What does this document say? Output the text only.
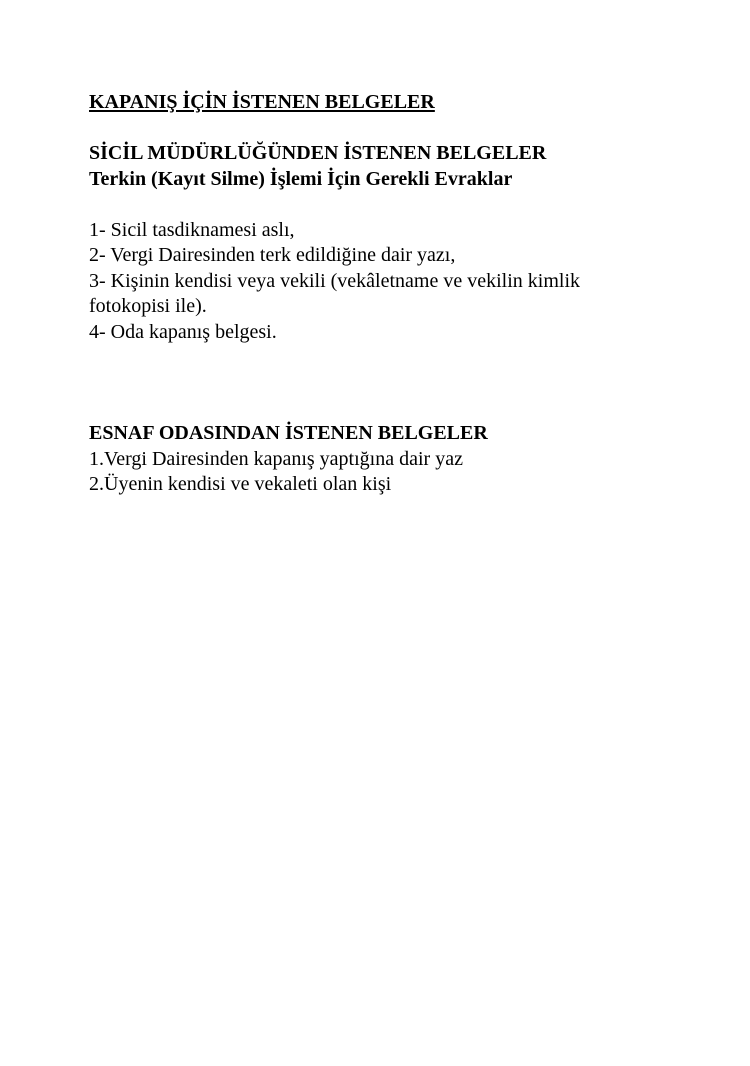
KAPANIŞ İÇİN İSTENEN BELGELER
SİCİL MÜDÜRLÜĞÜNDEN İSTENEN BELGELER
Terkin (Kayıt Silme) İşlemi İçin Gerekli Evraklar
1- Sicil tasdiknamesi aslı,
2- Vergi Dairesinden terk edildiğine dair yazı,
3- Kişinin kendisi veya vekili (vekâletname ve vekilin kimlik
fotokopisi ile).
4- Oda kapanış belgesi.
ESNAF ODASINDAN İSTENEN BELGELER
1.Vergi Dairesinden kapanış yaptığına dair yaz
2.Üyenin kendisi ve vekaleti olan kişi
